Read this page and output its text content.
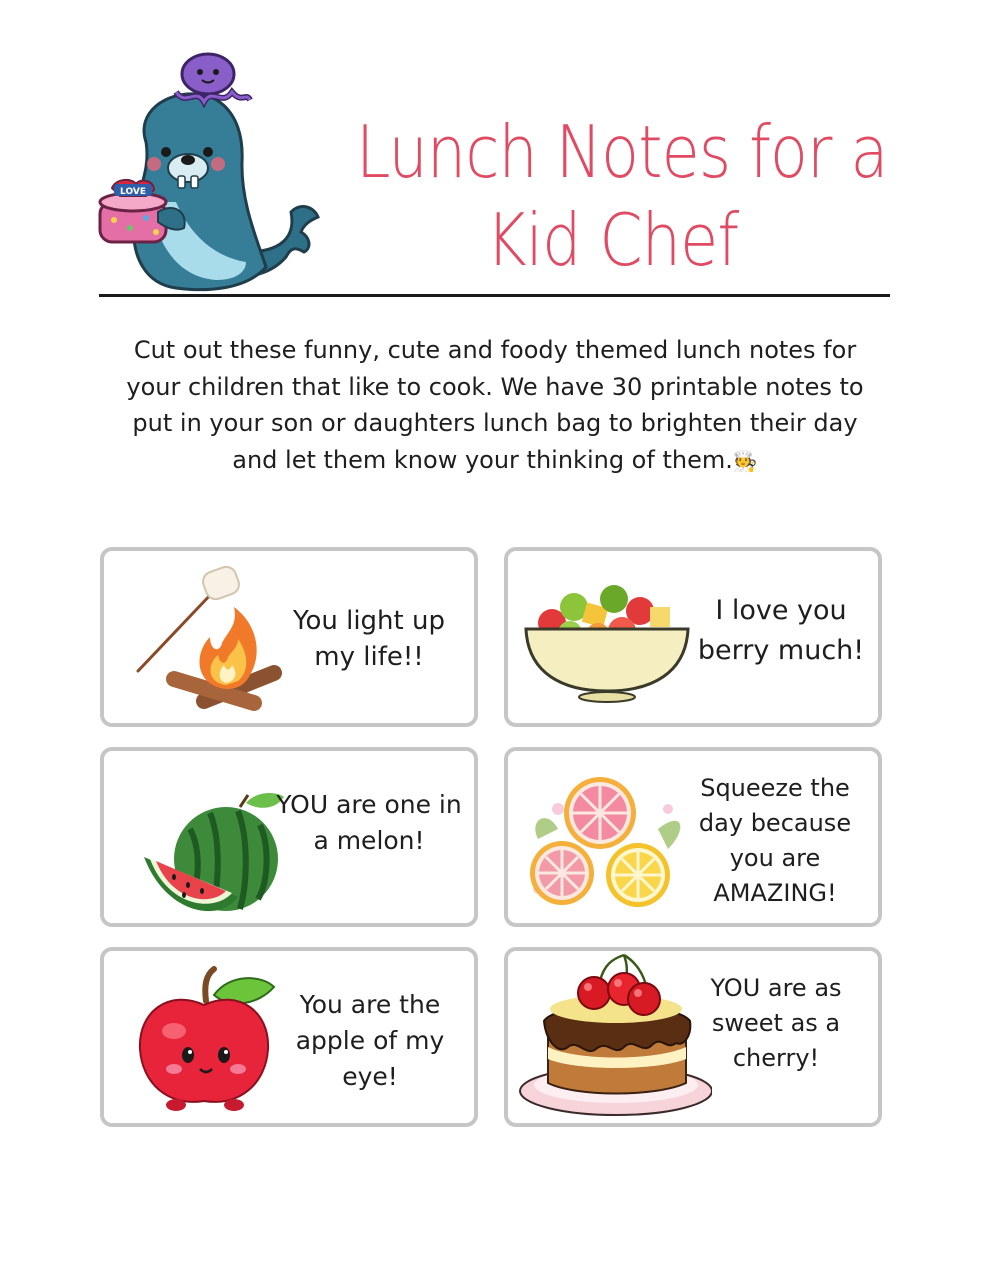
LOVE	Lunch Notes for a
Kid Chef
Cut out these funny, cute and foody themed lunch notes for your children that like to cook. We have 30 printable notes to put in your son or daughters lunch bag to brighten their day and let them know your thinking of them.🧑‍🍳
You light up my life!!
I love you berry much!
YOU are one in a melon!
Squeeze the day because you are AMAZING!
You are the apple of my eye!
YOU are as sweet as a cherry!
